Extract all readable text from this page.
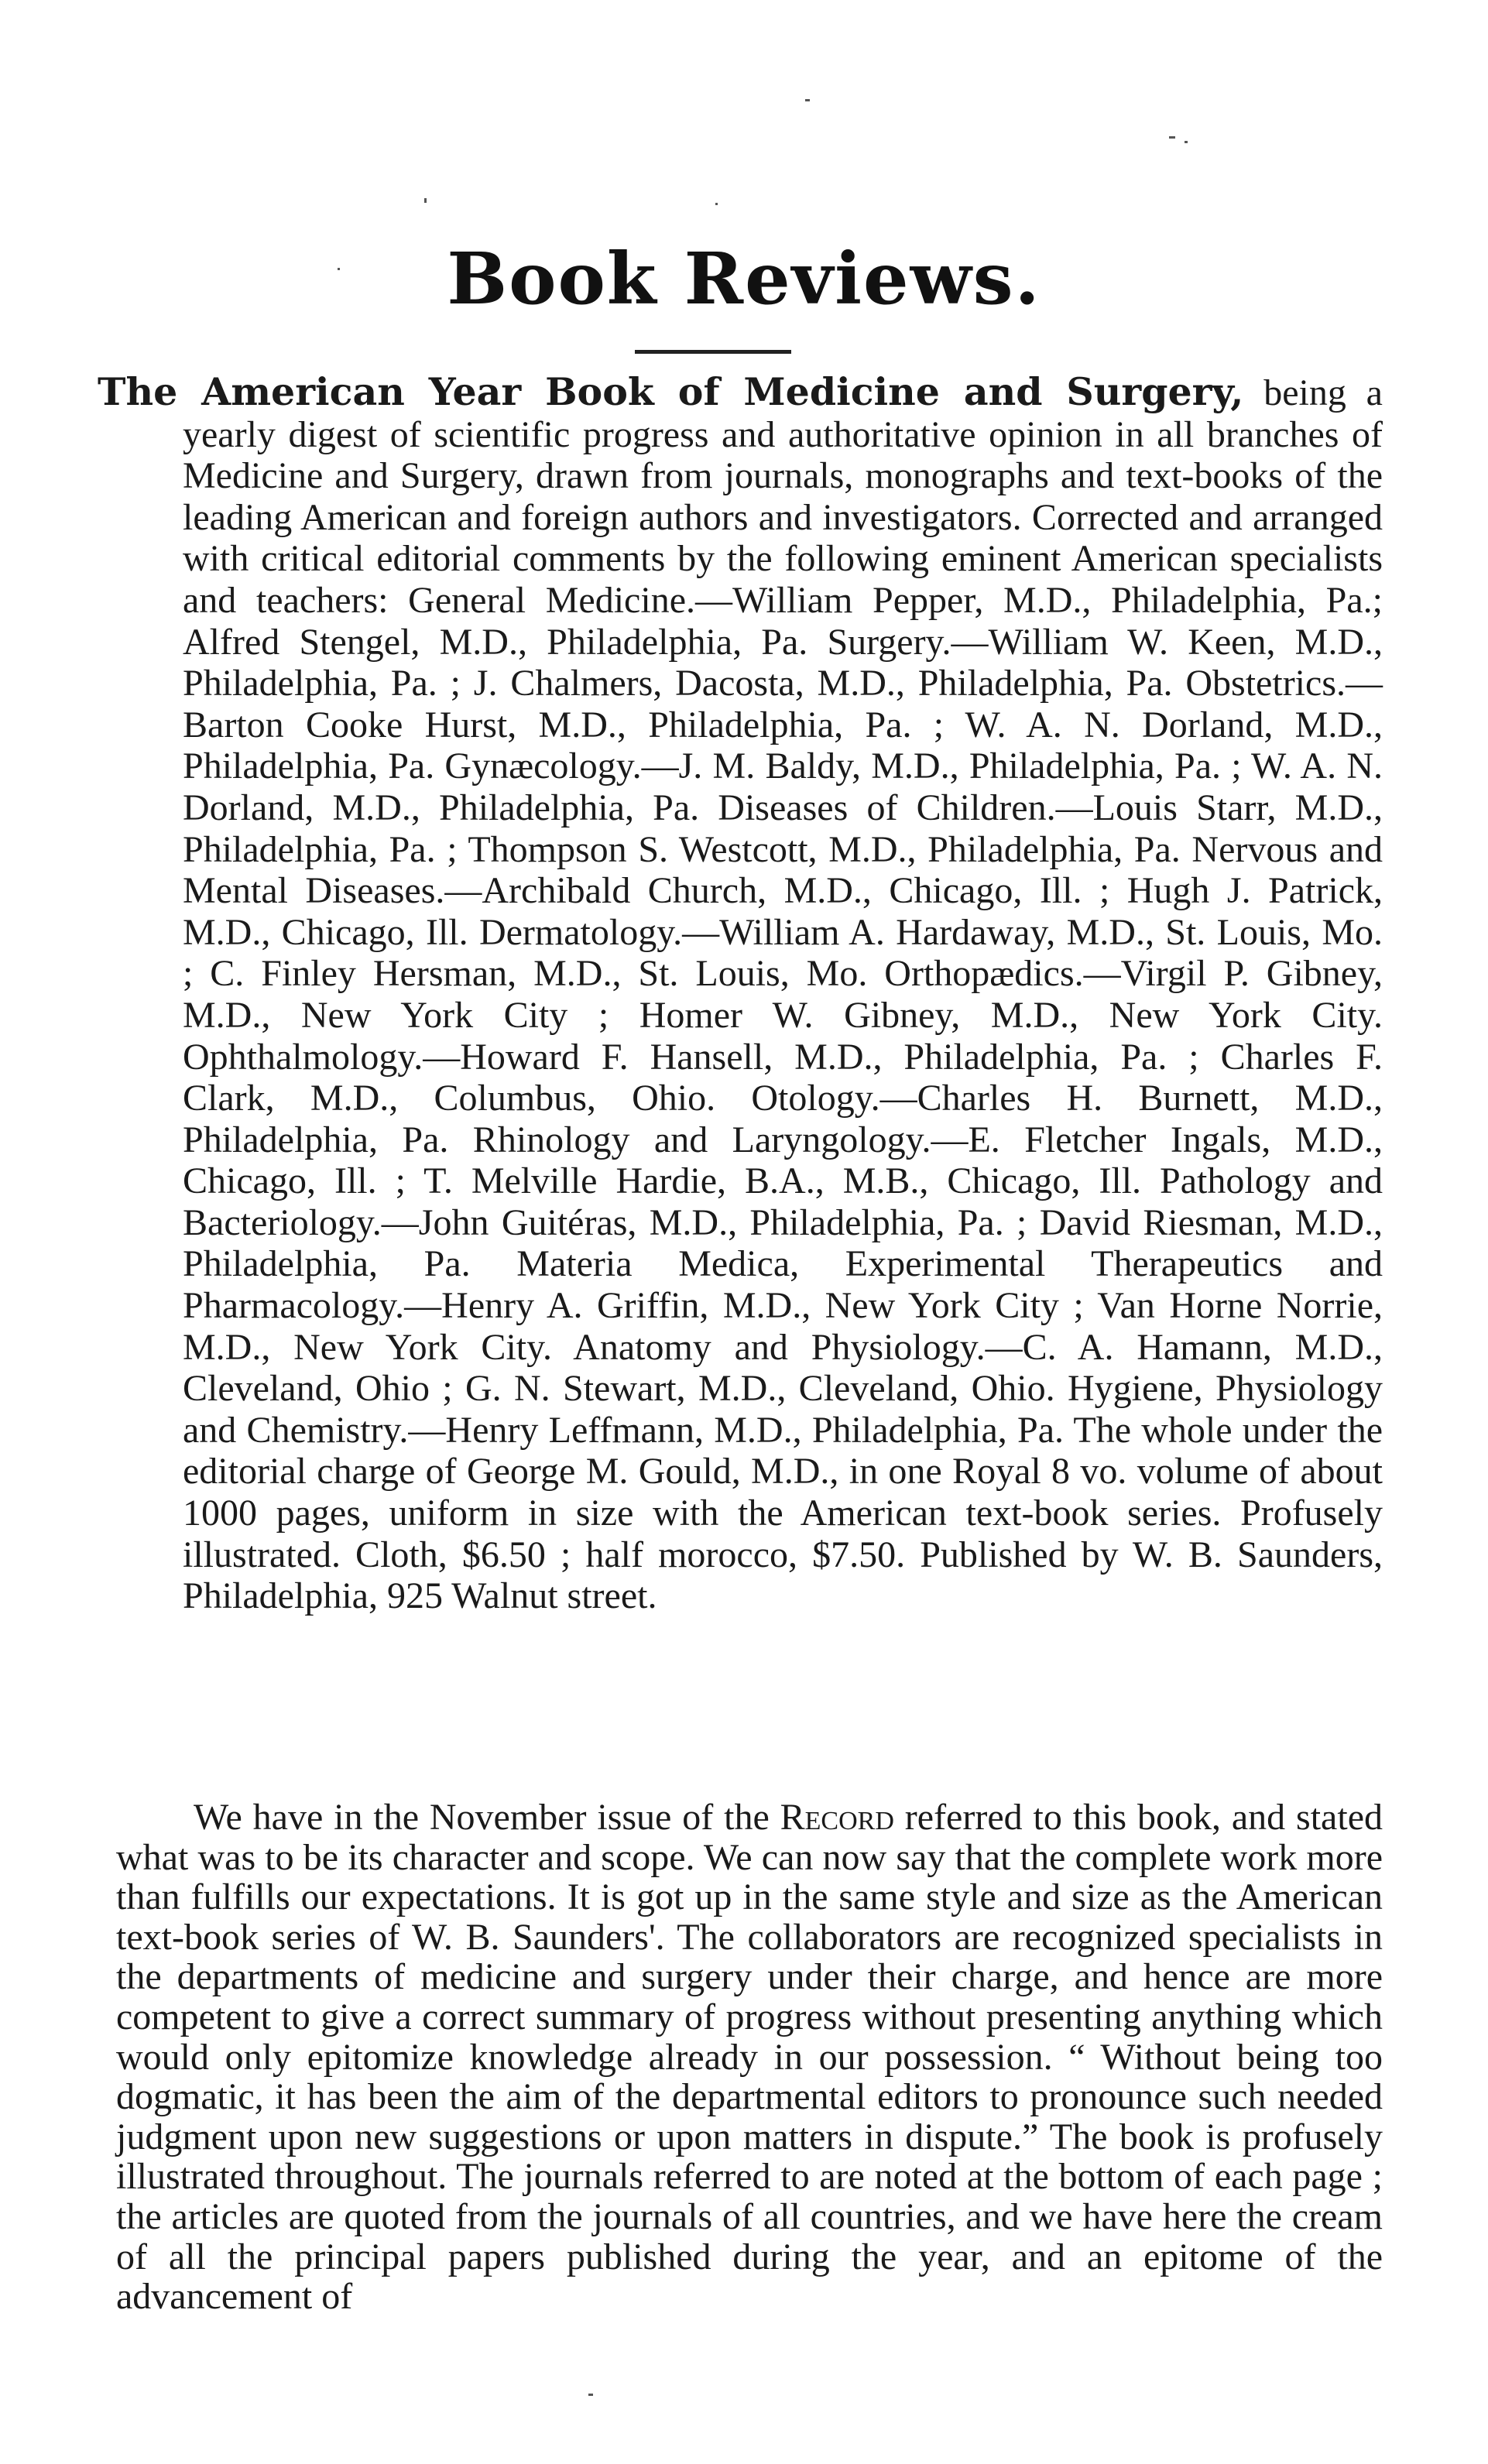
Book Reviews.
The American Year Book of Medicine and Surgery, being a yearly digest of scientific progress and authoritative opinion in all branches of Medicine and Surgery, drawn from journals, monographs and text-books of the leading American and foreign authors and investigators. Corrected and arranged with critical editorial comments by the following eminent American specialists and teachers: General Medicine.—William Pepper, M.D., Philadelphia, Pa.; Alfred Stengel, M.D., Philadelphia, Pa. Surgery.—William W. Keen, M.D., Philadelphia, Pa. ; J. Chalmers, Dacosta, M.D., Philadelphia, Pa. Obstetrics.—Barton Cooke Hurst, M.D., Philadelphia, Pa. ; W. A. N. Dorland, M.D., Philadelphia, Pa. Gynæcology.—J. M. Baldy, M.D., Philadelphia, Pa. ; W. A. N. Dorland, M.D., Philadelphia, Pa. Diseases of Children.—Louis Starr, M.D., Philadelphia, Pa. ; Thompson S. Westcott, M.D., Philadelphia, Pa. Nervous and Mental Diseases.—Archibald Church, M.D., Chicago, Ill. ; Hugh J. Patrick, M.D., Chicago, Ill. Dermatology.—William A. Hardaway, M.D., St. Louis, Mo. ; C. Finley Hersman, M.D., St. Louis, Mo. Orthopædics.—Virgil P. Gibney, M.D., New York City ; Homer W. Gibney, M.D., New York City. Ophthalmology.—Howard F. Hansell, M.D., Philadelphia, Pa. ; Charles F. Clark, M.D., Columbus, Ohio. Otology.—Charles H. Burnett, M.D., Philadelphia, Pa. Rhinology and Laryngology.—E. Fletcher Ingals, M.D., Chicago, Ill. ; T. Melville Hardie, B.A., M.B., Chicago, Ill. Pathology and Bacteriology.—John Guitéras, M.D., Philadelphia, Pa. ; David Riesman, M.D., Philadelphia, Pa. Materia Medica, Experimental Therapeutics and Pharmacology.—Henry A. Griffin, M.D., New York City ; Van Horne Norrie, M.D., New York City. Anatomy and Physiology.—C. A. Hamann, M.D., Cleveland, Ohio ; G. N. Stewart, M.D., Cleveland, Ohio. Hygiene, Physiology and Chemistry.—Henry Leffmann, M.D., Philadelphia, Pa. The whole under the editorial charge of George M. Gould, M.D., in one Royal 8 vo. volume of about 1000 pages, uniform in size with the American text-book series. Profusely illustrated. Cloth, $6.50 ; half morocco, $7.50. Published by W. B. Saunders, Philadelphia, 925 Walnut street.
We have in the November issue of the Record referred to this book, and stated what was to be its character and scope. We can now say that the complete work more than fulfills our expectations. It is got up in the same style and size as the American text-book series of W. B. Saunders'. The collaborators are recognized specialists in the departments of medicine and surgery under their charge, and hence are more competent to give a correct summary of progress without presenting anything which would only epitomize knowledge already in our possession. “ Without being too dogmatic, it has been the aim of the departmental editors to pronounce such needed judgment upon new suggestions or upon matters in dispute.” The book is profusely illustrated throughout. The journals referred to are noted at the bottom of each page ; the articles are quoted from the journals of all countries, and we have here the cream of all the principal papers published during the year, and an epitome of the advancement of
